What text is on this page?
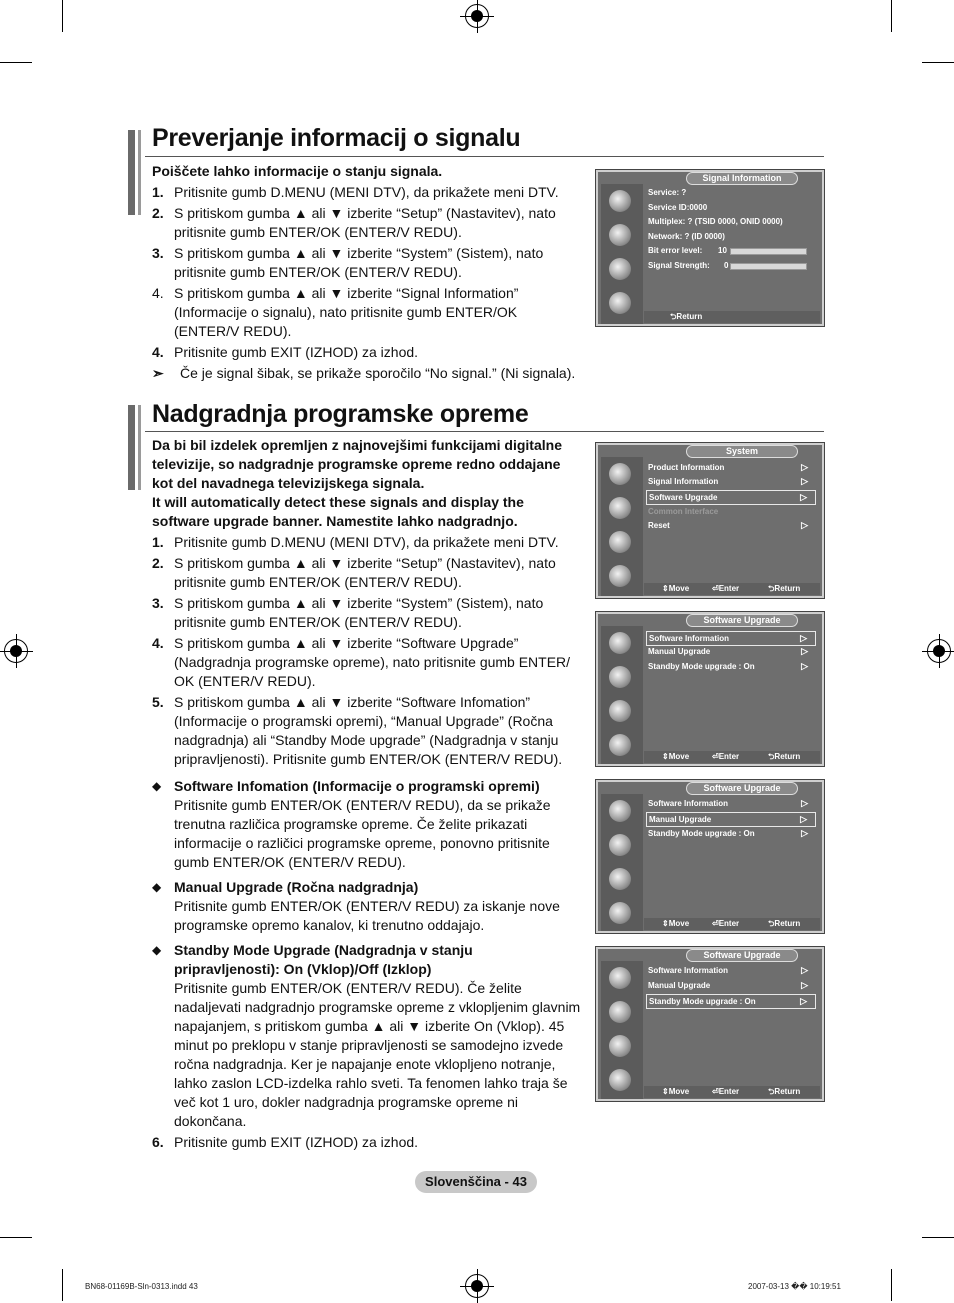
Preverjanje informacij o signalu
Poiščete lahko informacije o stanju signala.
1. Pritisnite gumb D.MENU (MENI DTV), da prikažete meni DTV.
2. S pritiskom gumba ▲ ali ▼ izberite “Setup” (Nastavitev), nato pritisnite gumb ENTER/OK (ENTER/V REDU).
3. S pritiskom gumba ▲ ali ▼ izberite “System” (Sistem), nato pritisnite gumb ENTER/OK (ENTER/V REDU).
4. S pritiskom gumba ▲ ali ▼ izberite “Signal Information” (Informacije o signalu), nato pritisnite gumb ENTER/OK (ENTER/V REDU).
4. Pritisnite gumb EXIT (IZHOD) za izhod.
➣ Če je signal šibak, se prikaže sporočilo “No signal.” (Ni signala).
Signal Information
Service: ?
Service ID:0000
Multiplex: ? (TSID 0000, ONID 0000)
Network: ? (ID 0000)
Bit error level: 10
Signal Strength: 0
⮌ Return
Nadgradnja programske opreme
Da bi bil izdelek opremljen z najnovejšimi funkcijami digitalne televizije, so nadgradnje programske opreme redno oddajane kot del navadnega televizijskega signala.
It will automatically detect these signals and display the software upgrade banner. Namestite lahko nadgradnjo.
1. Pritisnite gumb D.MENU (MENI DTV), da prikažete meni DTV.
2. S pritiskom gumba ▲ ali ▼ izberite “Setup” (Nastavitev), nato pritisnite gumb ENTER/OK (ENTER/V REDU).
3. S pritiskom gumba ▲ ali ▼ izberite “System” (Sistem), nato pritisnite gumb ENTER/OK (ENTER/V REDU).
4. S pritiskom gumba ▲ ali ▼ izberite “Software Upgrade” (Nadgradnja programske opreme), nato pritisnite gumb ENTER/ OK (ENTER/V REDU).
5. S pritiskom gumba ▲ ali ▼ izberite “Software Infomation” (Informacije o programski opremi), “Manual Upgrade” (Ročna nadgradnja) ali “Standby Mode upgrade” (Nadgradnja v stanju pripravljenosti). Pritisnite gumb ENTER/OK (ENTER/V REDU).
◆ Software Infomation (Informacije o programski opremi)
Pritisnite gumb ENTER/OK (ENTER/V REDU), da se prikaže trenutna različica programske opreme. Če želite prikazati informacije o različici programske opreme, ponovno pritisnite gumb ENTER/OK (ENTER/V REDU).
◆ Manual Upgrade (Ročna nadgradnja)
Pritisnite gumb ENTER/OK (ENTER/V REDU) za iskanje nove programske opremo kanalov, ki trenutno oddajajo.
◆ Standby Mode Upgrade (Nadgradnja v stanju pripravljenosti): On (Vklop)/Off (Izklop)
Pritisnite gumb ENTER/OK (ENTER/V REDU). Če želite nadaljevati nadgradnjo programske opreme z vklopljenim glavnim napajanjem, s pritiskom gumba ▲ ali ▼ izberite On (Vklop). 45 minut po preklopu v stanje pripravljenosti se samodejno izvede ročna nadgradnja. Ker je napajanje enote vklopljeno notranje, lahko zaslon LCD-izdelka rahlo sveti. Ta fenomen lahko traja še več kot 1 uro, dokler nadgradnja programske opreme ni dokončana.
6. Pritisnite gumb EXIT (IZHOD) za izhod.
System
Product Information	▷
Signal Information	▷
Software Upgrade	▷
Common Interface
Reset	▷
⇕ Move	⏎ Enter	⮌ Return
Software Upgrade
Software Information	▷
Manual Upgrade	▷
Standby Mode upgrade : On	▷
⇕ Move	⏎ Enter	⮌ Return
Software Upgrade
Software Information	▷
Manual Upgrade	▷
Standby Mode upgrade : On	▷
⇕ Move	⏎ Enter	⮌ Return
Software Upgrade
Software Information	▷
Manual Upgrade	▷
Standby Mode upgrade : On	▷
⇕ Move	⏎ Enter	⮌ Return
Slovenščina - 43
BN68-01169B-Sln-0313.indd 43	2007-03-13 �� 10:19:51
